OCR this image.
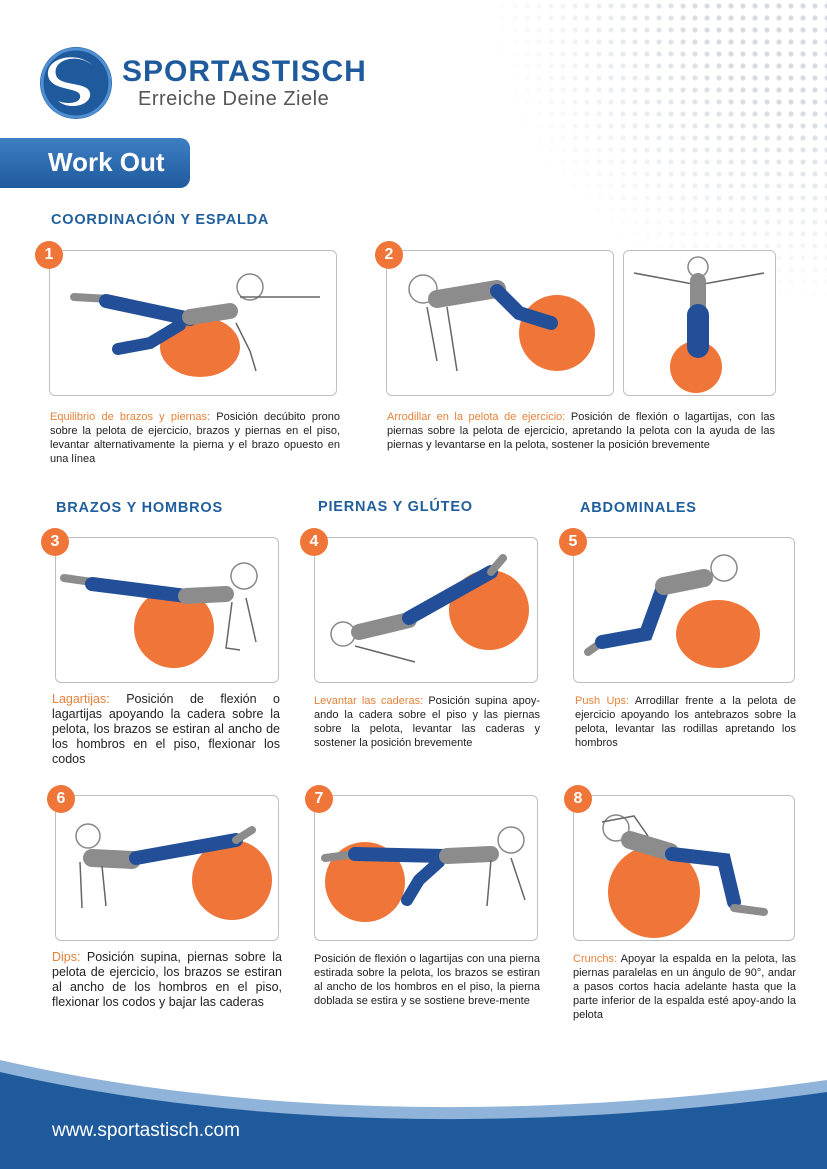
SPORTASTISCH
Erreiche Deine Ziele
Work Out
COORDINACIÓN Y ESPALDA
BRAZOS Y HOMBROS	PIERNAS Y GLÚTEO	ABDOMINALES
1	2
Equilibrio de brazos y piernas: Posición decúbito prono sobre la pelota de ejercicio, brazos y piernas en el piso, levantar alternativamente la pierna y el brazo opuesto en una línea
Arrodillar en la pelota de ejercicio: Posición de flexión o lagartijas, con las piernas sobre la pelota de ejercicio, apretando la pelota con la ayuda de las piernas y levantarse en la pelota, sostener la posición brevemente
3	4	5
Lagartijas: Posición de flexión o lagartijas apoyando la cadera sobre la pelota, los brazos se estiran al ancho de los hombros en el piso, flexionar los codos
Levantar las caderas: Posición supina apoy-ando la cadera sobre el piso y las piernas sobre la pelota, levantar las caderas y sostener la posición brevemente
Push Ups: Arrodillar frente a la pelota de ejercicio apoyando los antebrazos sobre la pelota, levantar las rodillas apretando los hombros
6	7	8
Dips: Posición supina, piernas sobre la pelota de ejercicio, los brazos se estiran al ancho de los hombros en el piso, flexionar los codos y bajar las caderas
Posición de flexión o lagartijas con una pierna estirada sobre la pelota, los brazos se estiran al ancho de los hombros en el piso, la pierna doblada se estira y se sostiene breve-mente
Crunchs: Apoyar la espalda en la pelota, las piernas paralelas en un ángulo de 90°, andar a pasos cortos hacia adelante hasta que la parte inferior de la espalda esté apoy-ando la pelota
www.sportastisch.com
